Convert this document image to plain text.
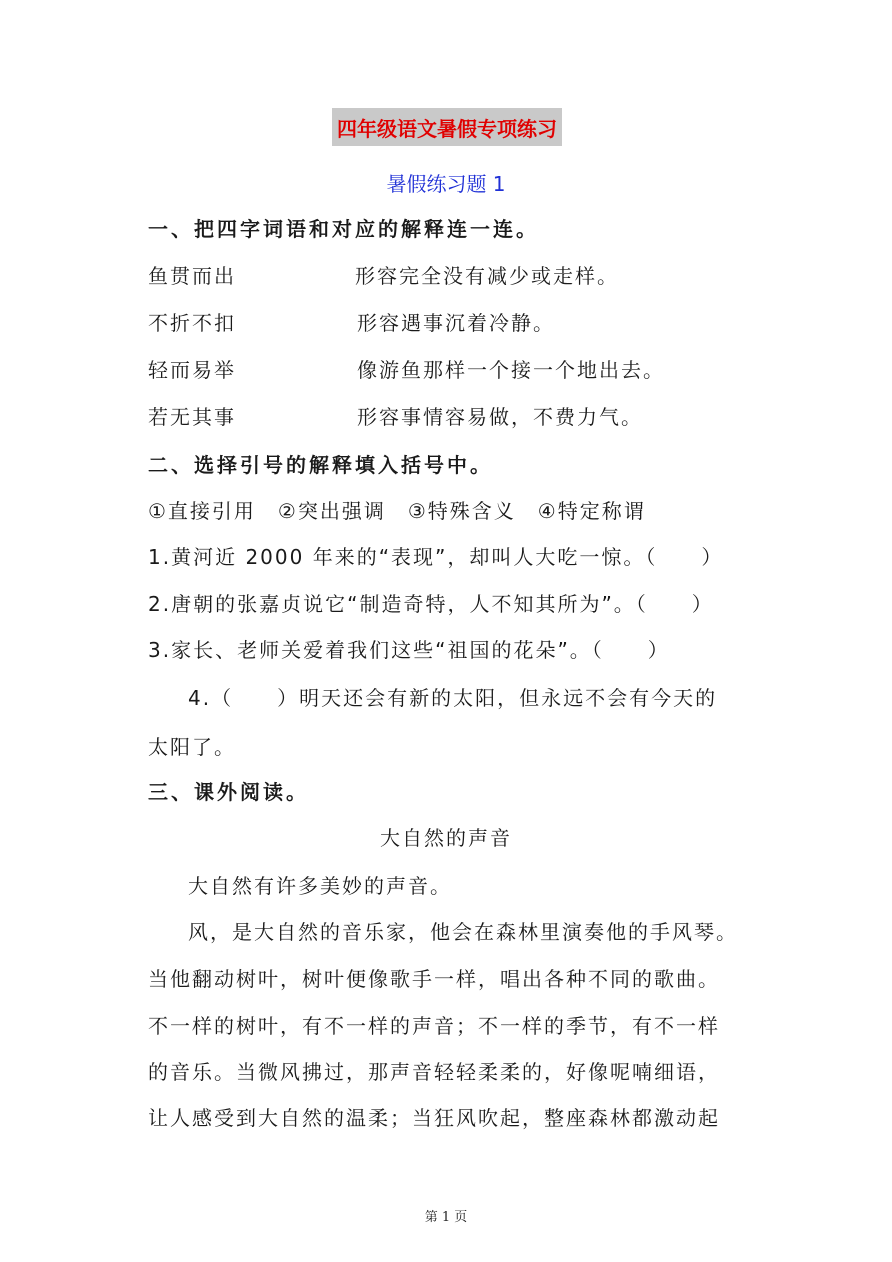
四年级语文暑假专项练习
暑假练习题 1
一、把四字词语和对应的解释连一连。
鱼贯而出	形容完全没有减少或走样。
不折不扣	形容遇事沉着冷静。
轻而易举	像游鱼那样一个接一个地出去。
若无其事	形容事情容易做，不费力气。
二、选择引号的解释填入括号中。
①直接引用　②突出强调　③特殊含义　④特定称谓
1.黄河近 2000 年来的“表现”，却叫人大吃一惊。（　　）
2.唐朝的张嘉贞说它“制造奇特，人不知其所为”。（　　）
3.家长、老师关爱着我们这些“祖国的花朵”。（　　）
4.（　　）明天还会有新的太阳，但永远不会有今天的
太阳了。
三、课外阅读。
大自然的声音
大自然有许多美妙的声音。
风，是大自然的音乐家，他会在森林里演奏他的手风琴。
当他翻动树叶，树叶便像歌手一样，唱出各种不同的歌曲。
不一样的树叶，有不一样的声音；不一样的季节，有不一样
的音乐。当微风拂过，那声音轻轻柔柔的，好像呢喃细语，
让人感受到大自然的温柔；当狂风吹起，整座森林都激动起
第 1 页
